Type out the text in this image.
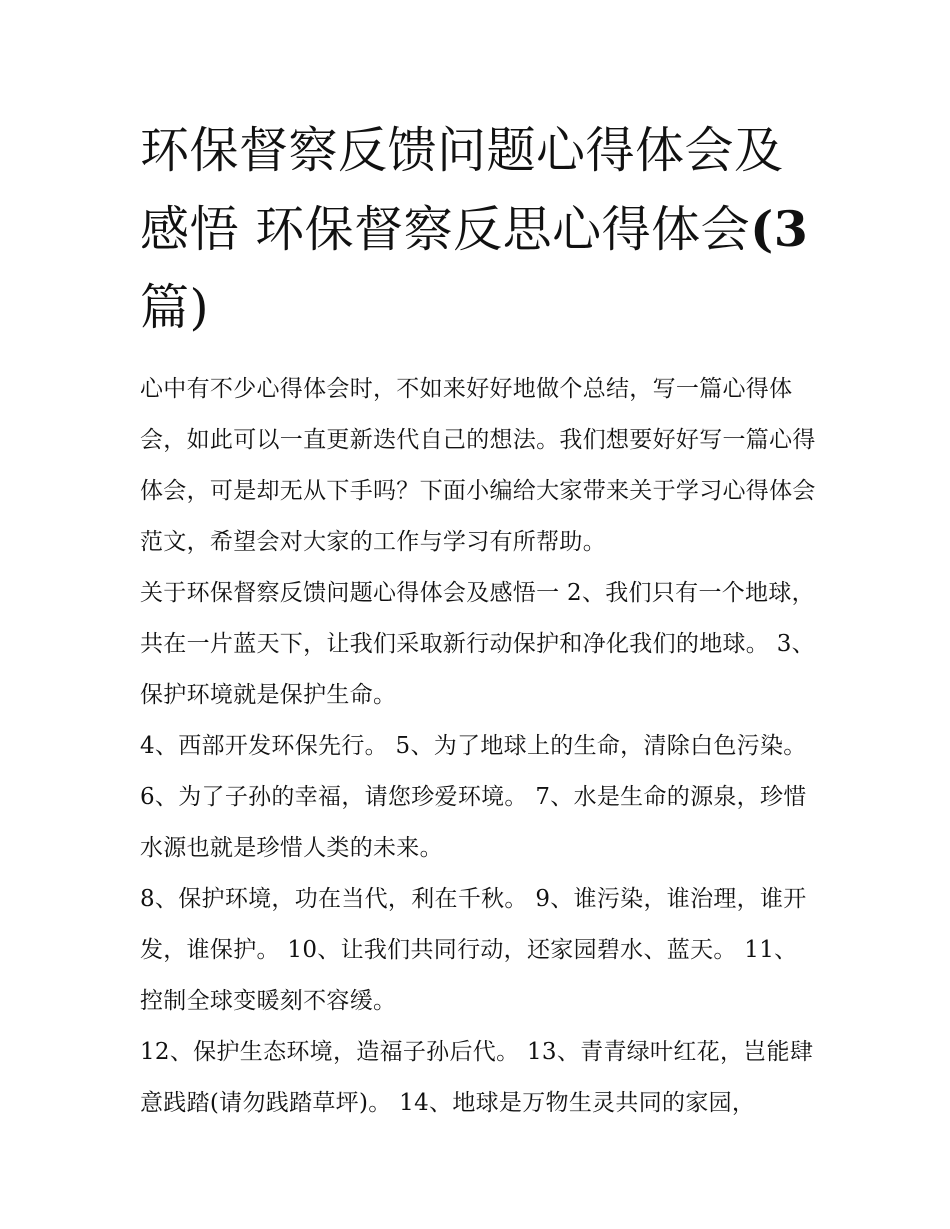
环保督察反馈问题心得体会及感悟 环保督察反思心得体会(3
篇)

心中有不少心得体会时，不如来好好地做个总结，写一篇心得体会，如此可以一直更新迭代自己的想法。我们想要好好写一篇心得体会，可是却无从下手吗？下面小编给大家带来关于学习心得体会范文，希望会对大家的工作与学习有所帮助。

关于环保督察反馈问题心得体会及感悟一 2、我们只有一个地球，共在一片蓝天下，让我们采取新行动保护和净化我们的地球。 3、保护环境就是保护生命。

4、西部开发环保先行。 5、为了地球上的生命，清除白色污染。 6、为了子孙的幸福，请您珍爱环境。 7、水是生命的源泉，珍惜水源也就是珍惜人类的未来。

8、保护环境，功在当代，利在千秋。 9、谁污染，谁治理，谁开发，谁保护。 10、让我们共同行动，还家园碧水、蓝天。 11、控制全球变暖刻不容缓。

12、保护生态环境，造福子孙后代。 13、青青绿叶红花，岂能肆意践踏(请勿践踏草坪)。 14、地球是万物生灵共同的家园，
